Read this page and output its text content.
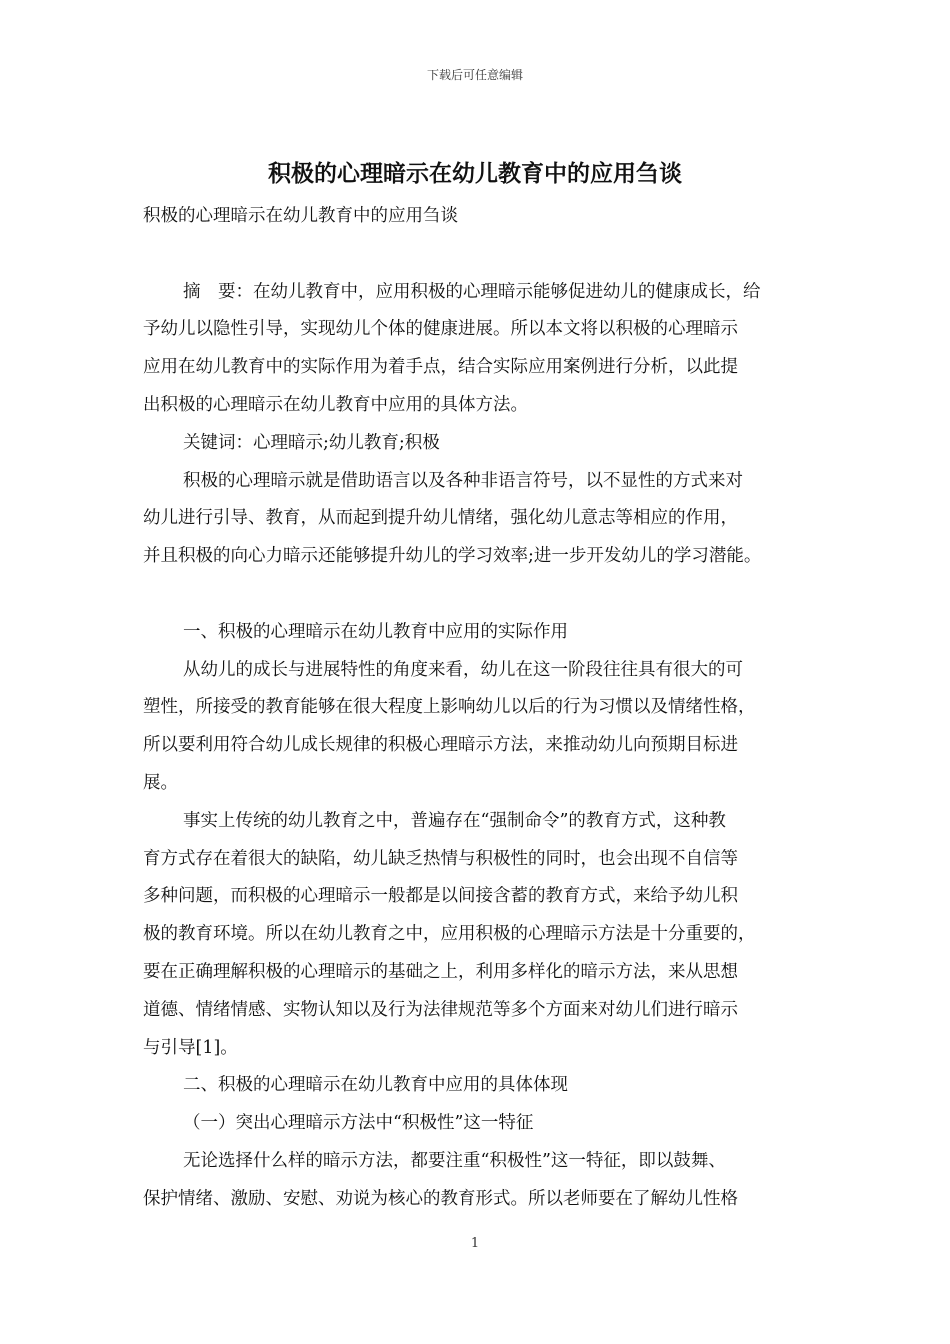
下载后可任意编辑
积极的心理暗示在幼儿教育中的应用刍谈

积极的心理暗示在幼儿教育中的应用刍谈

摘　要：在幼儿教育中，应用积极的心理暗示能够促进幼儿的健康成长，给

予幼儿以隐性引导，实现幼儿个体的健康进展。所以本文将以积极的心理暗示

应用在幼儿教育中的实际作用为着手点，结合实际应用案例进行分析，以此提

出积极的心理暗示在幼儿教育中应用的具体方法。

关键词：心理暗示;幼儿教育;积极

积极的心理暗示就是借助语言以及各种非语言符号，以不显性的方式来对

幼儿进行引导、教育，从而起到提升幼儿情绪，强化幼儿意志等相应的作用，

并且积极的向心力暗示还能够提升幼儿的学习效率;进一步开发幼儿的学习潜能。

一、积极的心理暗示在幼儿教育中应用的实际作用

从幼儿的成长与进展特性的角度来看，幼儿在这一阶段往往具有很大的可

塑性，所接受的教育能够在很大程度上影响幼儿以后的行为习惯以及情绪性格，

所以要利用符合幼儿成长规律的积极心理暗示方法，来推动幼儿向预期目标进

展。

事实上传统的幼儿教育之中，普遍存在“强制命令”的教育方式，这种教

育方式存在着很大的缺陷，幼儿缺乏热情与积极性的同时，也会出现不自信等

多种问题，而积极的心理暗示一般都是以间接含蓄的教育方式，来给予幼儿积

极的教育环境。所以在幼儿教育之中，应用积极的心理暗示方法是十分重要的，

要在正确理解积极的心理暗示的基础之上，利用多样化的暗示方法，来从思想

道德、情绪情感、实物认知以及行为法律规范等多个方面来对幼儿们进行暗示

与引导[1]。

二、积极的心理暗示在幼儿教育中应用的具体体现

（一）突出心理暗示方法中“积极性”这一特征

无论选择什么样的暗示方法，都要注重“积极性”这一特征，即以鼓舞、

保护情绪、激励、安慰、劝说为核心的教育形式。所以老师要在了解幼儿性格

1
